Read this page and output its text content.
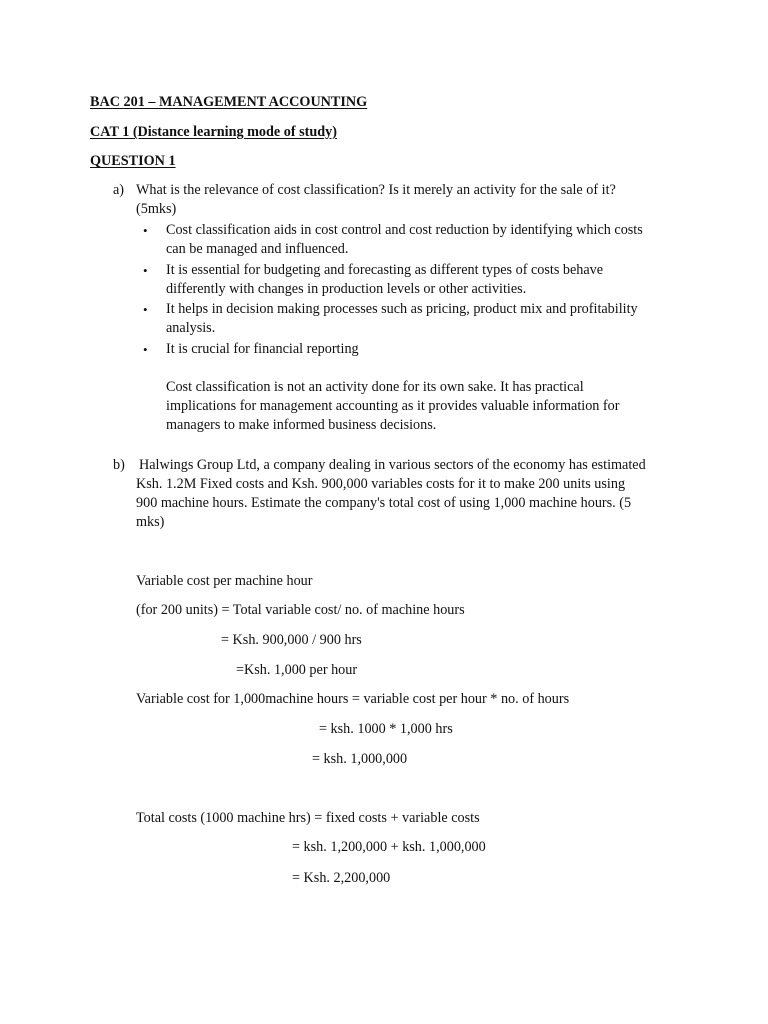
BAC 201 – MANAGEMENT ACCOUNTING
CAT 1 (Distance learning mode of study)
QUESTION 1
a) What is the relevance of cost classification? Is it merely an activity for the sale of it?
(5mks)
• Cost classification aids in cost control and cost reduction by identifying which costs
can be managed and influenced.
• It is essential for budgeting and forecasting as different types of costs behave
differently with changes in production levels or other activities.
• It helps in decision making processes such as pricing, product mix and profitability
analysis.
• It is crucial for financial reporting
Cost classification is not an activity done for its own sake. It has practical
implications for management accounting as it provides valuable information for
managers to make informed business decisions.
b) Halwings Group Ltd, a company dealing in various sectors of the economy has estimated
Ksh. 1.2M Fixed costs and Ksh. 900,000 variables costs for it to make 200 units using
900 machine hours. Estimate the company's total cost of using 1,000 machine hours. (5
mks)
Variable cost per machine hour
(for 200 units) = Total variable cost/ no. of machine hours
= Ksh. 900,000 / 900 hrs
=Ksh. 1,000 per hour
Variable cost for 1,000machine hours = variable cost per hour * no. of hours
= ksh. 1000 * 1,000 hrs
= ksh. 1,000,000
Total costs (1000 machine hrs) = fixed costs + variable costs
= ksh. 1,200,000 + ksh. 1,000,000
= Ksh. 2,200,000
